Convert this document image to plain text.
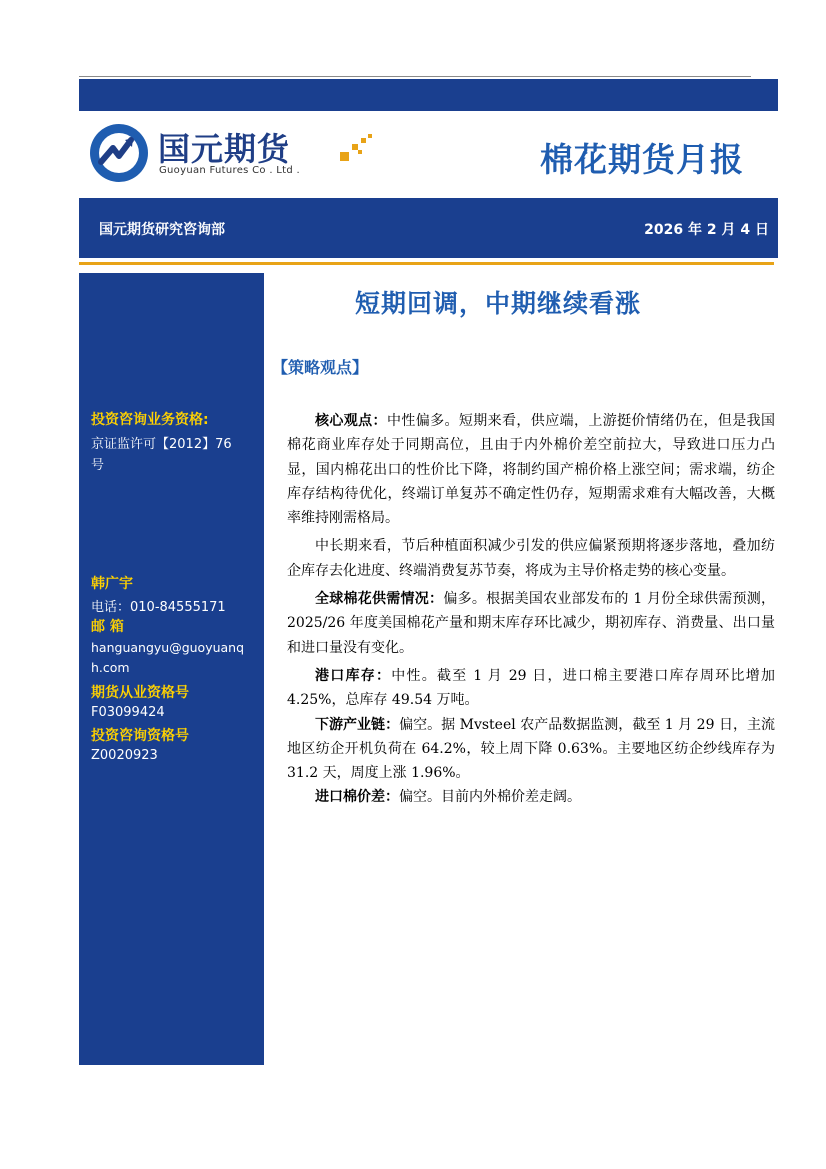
国元期货
Guoyuan Futures Co . Ltd .	棉花期货月报
国元期货研究咨询部	2026 年 2 月 4 日
投资咨询业务资格:
京证监许可【2012】76
号
韩广宇
电话：010-84555171
邮 箱
hanguangyu@guoyuanq
h.com
期货从业资格号
F03099424
投资咨询资格号
Z0020923
短期回调，中期继续看涨
【策略观点】

核心观点：中性偏多。短期来看，供应端，上游挺价情绪仍在，但是我国棉花商业库存处于同期高位，且由于内外棉价差空前拉大，导致进口压力凸显，国内棉花出口的性价比下降，将制约国产棉价格上涨空间；需求端，纺企库存结构待优化，终端订单复苏不确定性仍存，短期需求难有大幅改善，大概率维持刚需格局。

中长期来看，节后种植面积减少引发的供应偏紧预期将逐步落地，叠加纺企库存去化进度、终端消费复苏节奏，将成为主导价格走势的核心变量。

全球棉花供需情况：偏多。根据美国农业部发布的 1 月份全球供需预测，2025/26 年度美国棉花产量和期末库存环比减少，期初库存、消费量、出口量和进口量没有变化。

港口库存：中性。截至 1 月 29 日，进口棉主要港口库存周环比增加 4.25%，总库存 49.54 万吨。

下游产业链：偏空。据 Mvsteel 农产品数据监测，截至 1 月 29 日，主流地区纺企开机负荷在 64.2%，较上周下降 0.63%。主要地区纺企纱线库存为 31.2 天，周度上涨 1.96%。

进口棉价差：偏空。目前内外棉价差走阔。
